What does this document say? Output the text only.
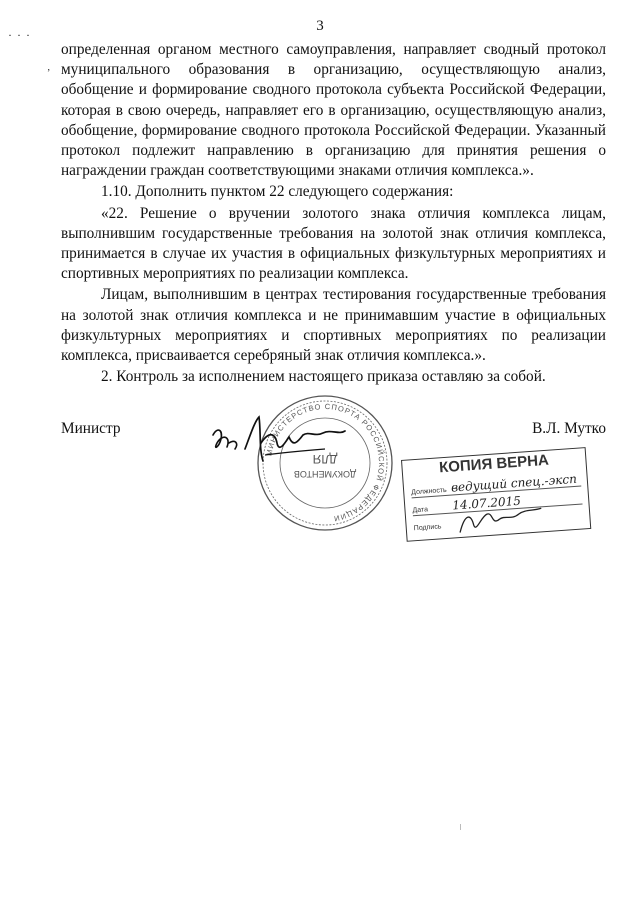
· · ·
‚
3

определенная органом местного самоуправления, направляет сводный протокол муниципального образования в организацию, осуществляющую анализ, обобщение и формирование сводного протокола субъекта Российской Федерации, которая в свою очередь, направляет его в организацию, осуществляющую анализ, обобщение, формирование сводного протокола Российской Федерации. Указанный протокол подлежит направлению в организацию для принятия решения о награждении граждан соответствующими знаками отличия комплекса.».

1.10. Дополнить пунктом 22 следующего содержания:

«22. Решение о вручении золотого знака отличия комплекса лицам, выполнившим государственные требования на золотой знак отличия комплекса, принимается в случае их участия в официальных физкультурных мероприятиях и спортивных мероприятиях по реализации комплекса.

Лицам, выполнившим в центрах тестирования государственные требования на золотой знак отличия комплекса и не принимавшим участие в официальных физкультурных мероприятиях и спортивных мероприятиях по реализации комплекса, присваивается серебряный знак отличия комплекса.».

2. Контроль за исполнением настоящего приказа оставляю за собой.

Министр	В.Л. Мутко
МИНИСТЕРСТВО СПОРТА РОССИЙСКОЙ ФЕДЕРАЦИИ
ДОКУМЕНТОВ
ДЛЯ	КОПИЯ ВЕРНА
Должность ведущий спец.-эксп
Дата 14.07.2015
Подпись
